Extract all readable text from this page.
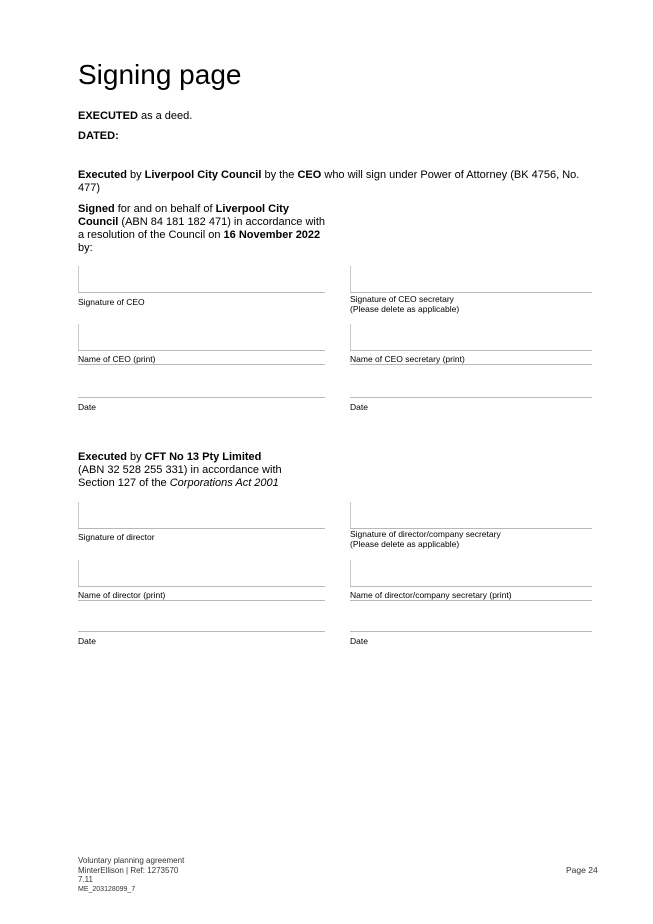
Signing page
EXECUTED as a deed.
DATED:
Executed by Liverpool City Council by the CEO who will sign under Power of Attorney (BK 4756, No. 477)
Signed for and on behalf of Liverpool City Council (ABN 84 181 182 471) in accordance with a resolution of the Council on 16 November 2022 by:
Signature of CEO	Signature of CEO secretary
(Please delete as applicable)
Name of CEO (print)	Name of CEO secretary (print)
Date	Date
Executed by CFT No 13 Pty Limited
(ABN 32 528 255 331) in accordance with Section 127 of the Corporations Act 2001
Signature of director	Signature of director/company secretary
(Please delete as applicable)
Name of director (print)	Name of director/company secretary (print)
Date	Date
Voluntary planning agreement
MinterEllison | Ref: 1273570
7.11
ME_203128099_7
Page 24
